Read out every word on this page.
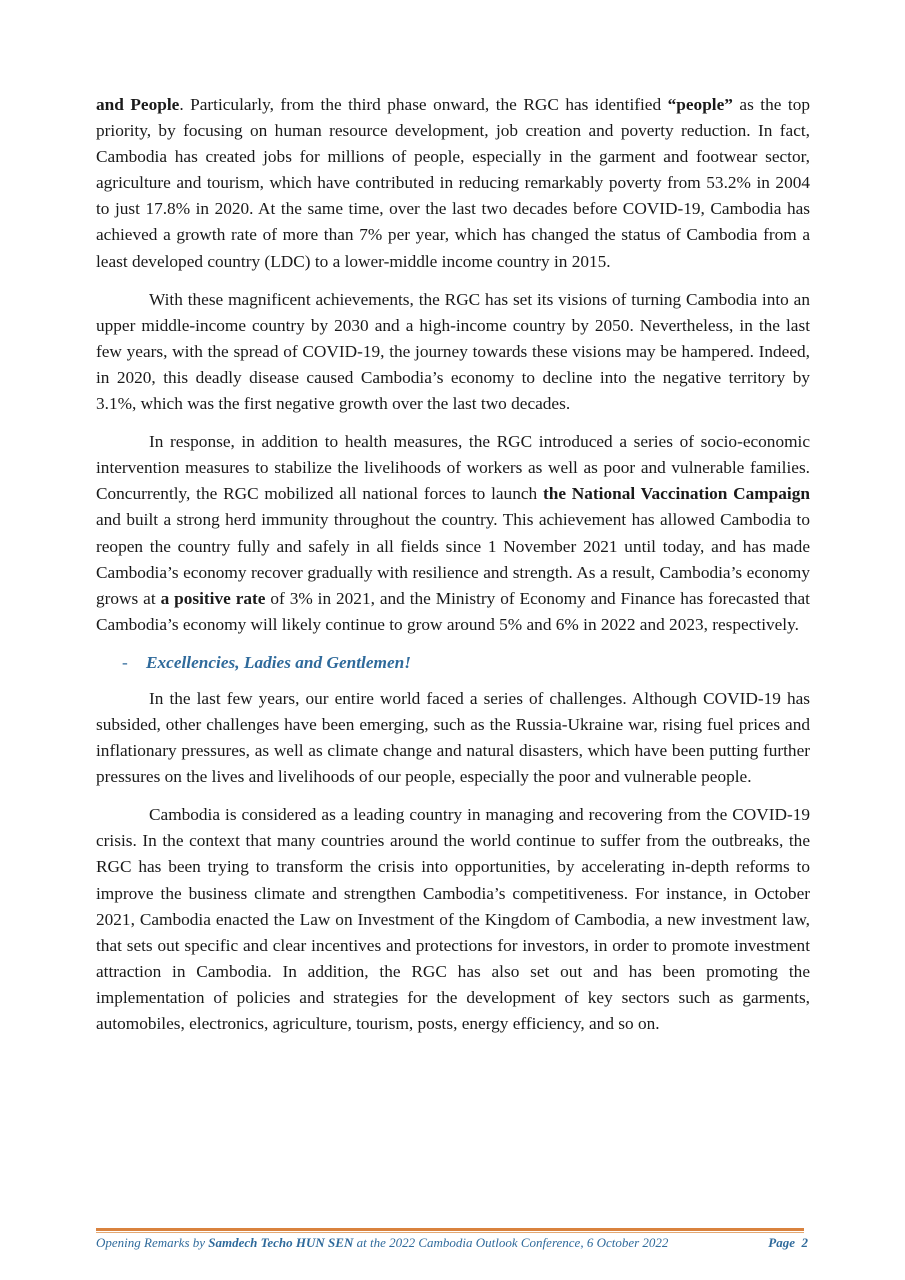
and People. Particularly, from the third phase onward, the RGC has identified “people” as the top priority, by focusing on human resource development, job creation and poverty reduction. In fact, Cambodia has created jobs for millions of people, especially in the garment and footwear sector, agriculture and tourism, which have contributed in reducing remarkably poverty from 53.2% in 2004 to just 17.8% in 2020. At the same time, over the last two decades before COVID-19, Cambodia has achieved a growth rate of more than 7% per year, which has changed the status of Cambodia from a least developed country (LDC) to a lower-middle income country in 2015.

With these magnificent achievements, the RGC has set its visions of turning Cambodia into an upper middle-income country by 2030 and a high-income country by 2050. Nevertheless, in the last few years, with the spread of COVID-19, the journey towards these visions may be hampered. Indeed, in 2020, this deadly disease caused Cambodia’s economy to decline into the negative territory by 3.1%, which was the first negative growth over the last two decades.

In response, in addition to health measures, the RGC introduced a series of socio-economic intervention measures to stabilize the livelihoods of workers as well as poor and vulnerable families. Concurrently, the RGC mobilized all national forces to launch the National Vaccination Campaign and built a strong herd immunity throughout the country. This achievement has allowed Cambodia to reopen the country fully and safely in all fields since 1 November 2021 until today, and has made Cambodia’s economy recover gradually with resilience and strength. As a result, Cambodia’s economy grows at a positive rate of 3% in 2021, and the Ministry of Economy and Finance has forecasted that Cambodia’s economy will likely continue to grow around 5% and 6% in 2022 and 2023, respectively.

-	Excellencies, Ladies and Gentlemen!

In the last few years, our entire world faced a series of challenges. Although COVID-19 has subsided, other challenges have been emerging, such as the Russia-Ukraine war, rising fuel prices and inflationary pressures, as well as climate change and natural disasters, which have been putting further pressures on the lives and livelihoods of our people, especially the poor and vulnerable people.

Cambodia is considered as a leading country in managing and recovering from the COVID-19 crisis. In the context that many countries around the world continue to suffer from the outbreaks, the RGC has been trying to transform the crisis into opportunities, by accelerating in-depth reforms to improve the business climate and strengthen Cambodia’s competitiveness. For instance, in October 2021, Cambodia enacted the Law on Investment of the Kingdom of Cambodia, a new investment law, that sets out specific and clear incentives and protections for investors, in order to promote investment attraction in Cambodia. In addition, the RGC has also set out and has been promoting the implementation of policies and strategies for the development of key sectors such as garments, automobiles, electronics, agriculture, tourism, posts, energy efficiency, and so on.

Opening Remarks by Samdech Techo HUN SEN at the 2022 Cambodia Outlook Conference, 6 October 2022	Page 2
